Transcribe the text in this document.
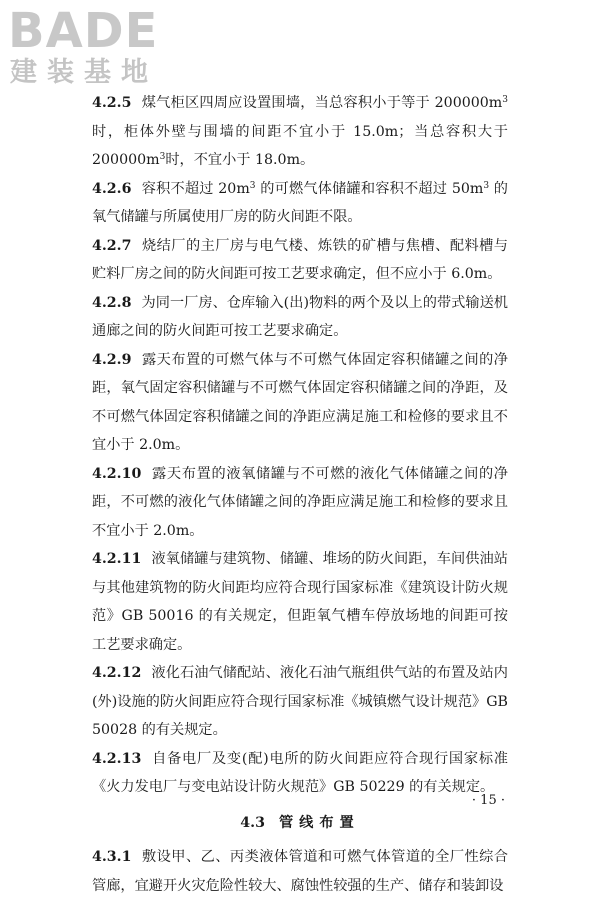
BADE
建装基地

4.2.5 煤气柜区四周应设置围墙，当总容积小于等于 $200000m^3$时，柜体外壁与围墙的间距不宜小于 15.0m；当总容积大于$200000m^3$时，不宜小于 18.0m。

4.2.6 容积不超过 $20m^3$ 的可燃气体储罐和容积不超过 $50m^3$ 的氧气储罐与所属使用厂房的防火间距不限。

4.2.7 烧结厂的主厂房与电气楼、炼铁的矿槽与焦槽、配料槽与贮料厂房之间的防火间距可按工艺要求确定，但不应小于 6.0m。

4.2.8 为同一厂房、仓库输入(出)物料的两个及以上的带式输送机通廊之间的防火间距可按工艺要求确定。

4.2.9 露天布置的可燃气体与不可燃气体固定容积储罐之间的净距，氧气固定容积储罐与不可燃气体固定容积储罐之间的净距，及不可燃气体固定容积储罐之间的净距应满足施工和检修的要求且不宜小于 2.0m。

4.2.10 露天布置的液氧储罐与不可燃的液化气体储罐之间的净距，不可燃的液化气体储罐之间的净距应满足施工和检修的要求且不宜小于 2.0m。

4.2.11 液氧储罐与建筑物、储罐、堆场的防火间距，车间供油站与其他建筑物的防火间距均应符合现行国家标准《建筑设计防火规范》GB 50016 的有关规定，但距氧气槽车停放场地的间距可按工艺要求确定。

4.2.12 液化石油气储配站、液化石油气瓶组供气站的布置及站内(外)设施的防火间距应符合现行国家标准《城镇燃气设计规范》GB 50028 的有关规定。

4.2.13 自备电厂及变(配)电所的防火间距应符合现行国家标准《火力发电厂与变电站设计防火规范》GB 50229 的有关规定。

4.3 管线布置

4.3.1 敷设甲、乙、丙类液体管道和可燃气体管道的全厂性综合管廊，宜避开火灾危险性较大、腐蚀性较强的生产、储存和装卸设

· 15 ·
